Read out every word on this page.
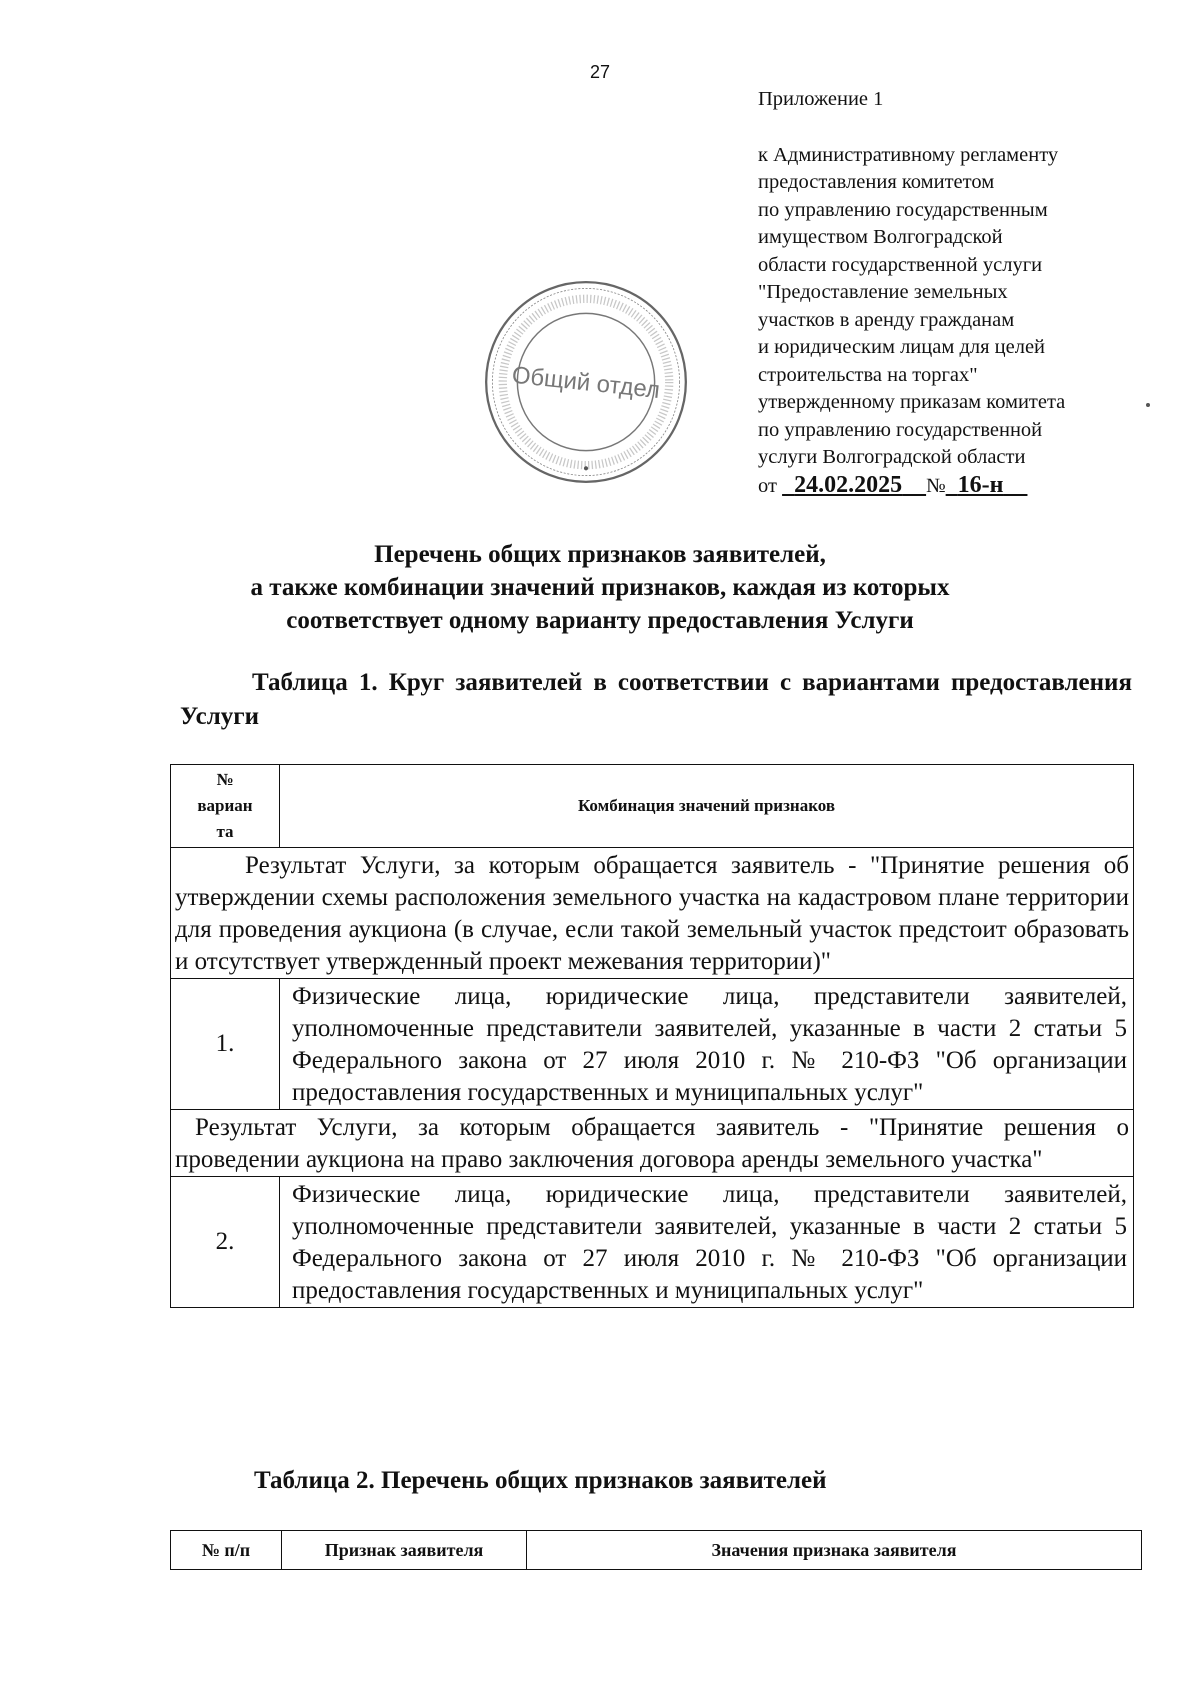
27
Приложение 1
к Административному регламенту
предоставления комитетом
по управлению государственным
имуществом Волгоградской
области государственной услуги
"Предоставление земельных
участков в аренду гражданам
и юридическим лицам для целей
строительства на торгах"
утвержденному приказам комитета
по управлению государственной
услуги Волгоградской области
от 24.02.2025 № 16-н
Общий отдел
Перечень общих признаков заявителей,
а также комбинации значений признаков, каждая из которых
соответствует одному варианту предоставления Услуги
Таблица 1. Круг заявителей в соответствии с вариантами предоставления Услуги
№
вариан
та	Комбинация значений признаков
Результат Услуги, за которым обращается заявитель - "Принятие решения об утверждении схемы расположения земельного участка на кадастровом плане территории для проведения аукциона (в случае, если такой земельный участок предстоит образовать и отсутствует утвержденный проект межевания территории)"	
1.	Физические лица, юридические лица, представители заявителей, уполномоченные представители заявителей, указанные в части 2 статьи 5 Федерального закона от 27 июля 2010 г. № 210-ФЗ "Об организации предоставления государственных и муниципальных услуг"
Результат Услуги, за которым обращается заявитель - "Принятие решения о проведении аукциона на право заключения договора аренды земельного участка"	
2.	Физические лица, юридические лица, представители заявителей, уполномоченные представители заявителей, указанные в части 2 статьи 5 Федерального закона от 27 июля 2010 г. № 210-ФЗ "Об организации предоставления государственных и муниципальных услуг"
Таблица 2. Перечень общих признаков заявителей
№ п/п	Признак заявителя	Значения признака заявителя
